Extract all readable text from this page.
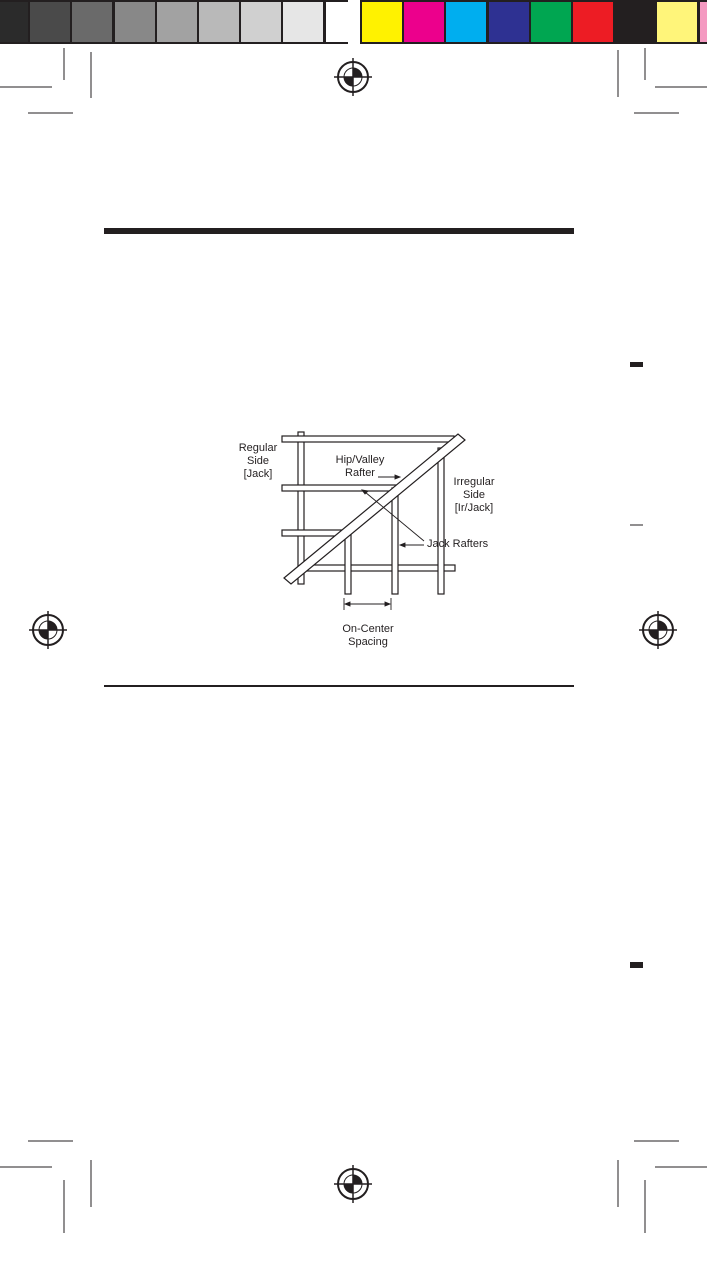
Regular
Side
[Jack]
Hip/Valley
Rafter
Irregular
Side
[Ir/Jack]
Jack Rafters
On-Center
Spacing
